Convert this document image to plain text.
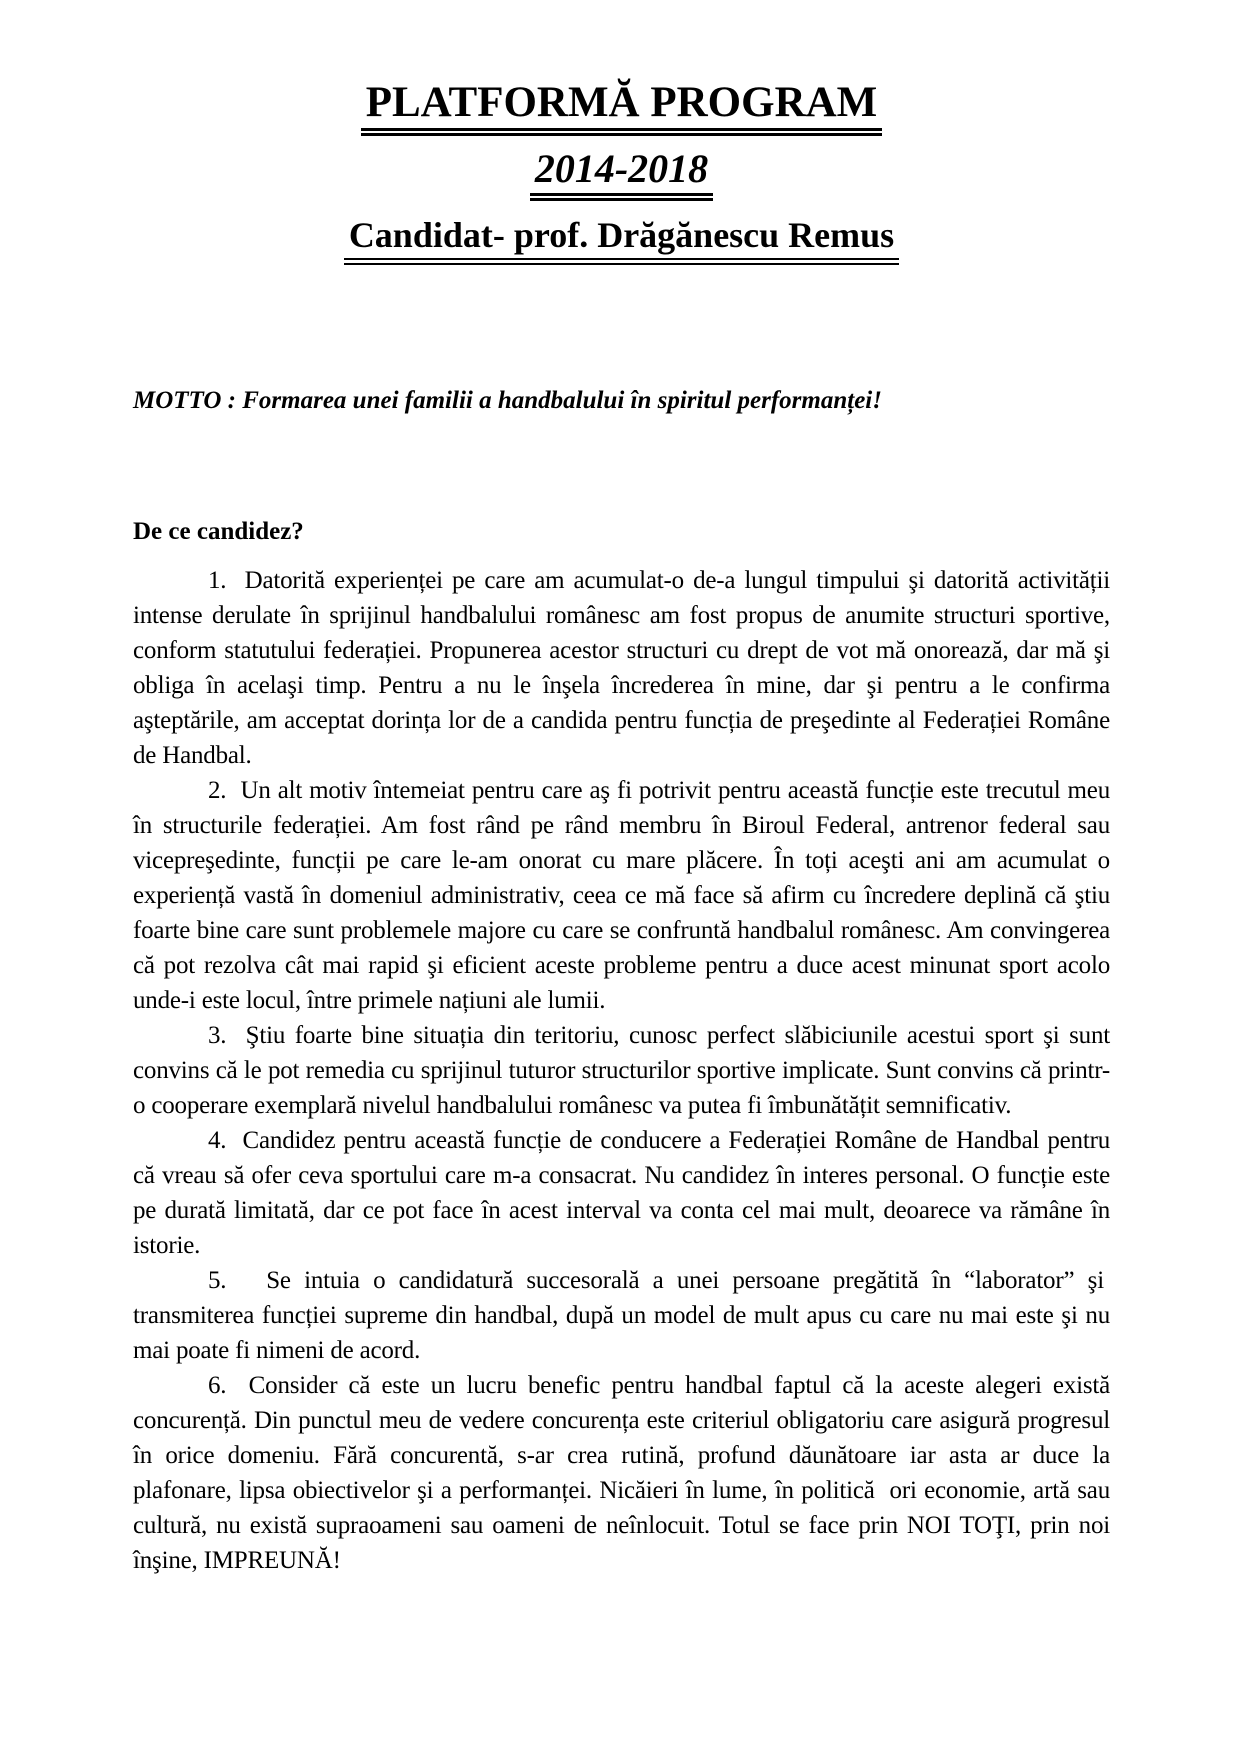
PLATFORMĂ PROGRAM
2014-2018
Candidat- prof. Drăgănescu Remus
MOTTO : Formarea unei familii a handbalului în spiritul performanței!
De ce candidez?

1.  Datorită experienței pe care am acumulat-o de-a lungul timpului şi datorită activității intense derulate în sprijinul handbalului românesc am fost propus de anumite structuri sportive, conform statutului federației. Propunerea acestor structuri cu drept de vot mă onorează, dar mă şi obliga în acelaşi timp. Pentru a nu le înşela încrederea în mine, dar şi pentru a le confirma aşteptările, am acceptat dorința lor de a candida pentru funcția de preşedinte al Federației Române de Handbal.

2.  Un alt motiv întemeiat pentru care aş fi potrivit pentru această funcție este trecutul meu în structurile federației. Am fost rând pe rând membru în Biroul Federal, antrenor federal sau vicepreşedinte, funcții pe care le-am onorat cu mare plăcere. În toți aceşti ani am acumulat o experiență vastă în domeniul administrativ, ceea ce mă face să afirm cu încredere deplină că ştiu foarte bine care sunt problemele majore cu care se confruntă handbalul românesc. Am convingerea că pot rezolva cât mai rapid şi eficient aceste probleme pentru a duce acest minunat sport acolo unde-i este locul, între primele națiuni ale lumii.

3.  Ştiu foarte bine situația din teritoriu, cunosc perfect slăbiciunile acestui sport şi sunt convins că le pot remedia cu sprijinul tuturor structurilor sportive implicate. Sunt convins că printr-o cooperare exemplară nivelul handbalului românesc va putea fi îmbunătățit semnificativ.

4.  Candidez pentru această funcție de conducere a Federației Române de Handbal pentru că vreau să ofer ceva sportului care m-a consacrat. Nu candidez în interes personal. O funcție este pe durată limitată, dar ce pot face în acest interval va conta cel mai mult, deoarece va rămâne în istorie.

5.   Se intuia o candidatură succesorală a unei persoane pregătită în “laborator” şi  transmiterea funcției supreme din handbal, după un model de mult apus cu care nu mai este şi nu mai poate fi nimeni de acord.

6.  Consider că este un lucru benefic pentru handbal faptul că la aceste alegeri există concurență. Din punctul meu de vedere concurența este criteriul obligatoriu care asigură progresul în orice domeniu. Fără concurentă, s-ar crea rutină, profund dăunătoare iar asta ar duce la plafonare, lipsa obiectivelor şi a performanței. Nicăieri în lume, în politică  ori economie, artă sau cultură, nu există supraoameni sau oameni de neînlocuit. Totul se face prin NOI TOŢI, prin noi înşine, IMPREUNĂ!
